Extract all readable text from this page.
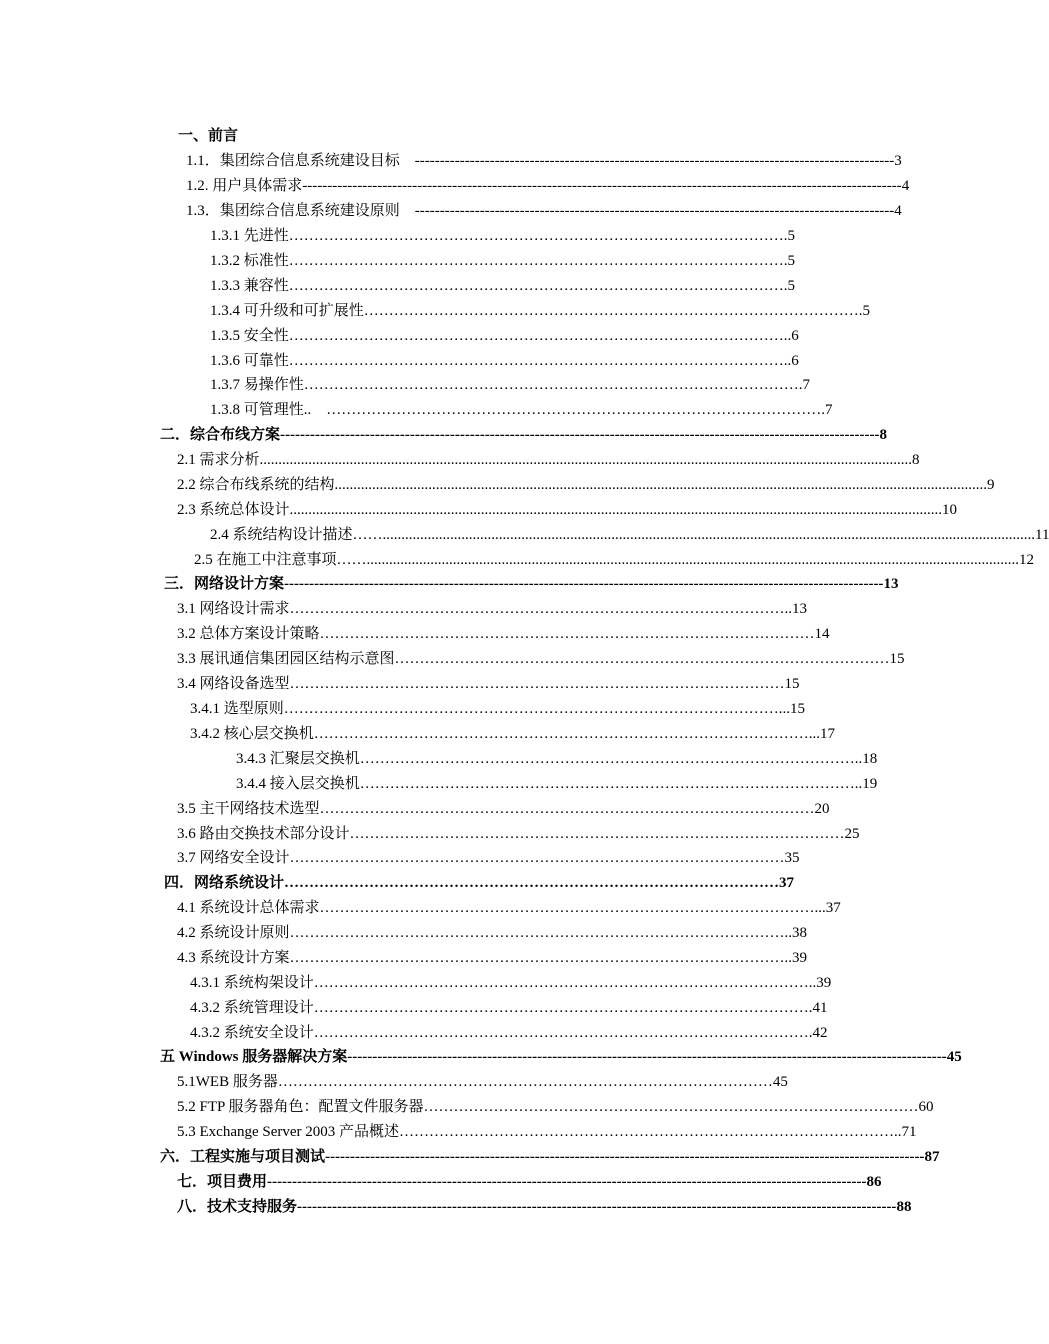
一、前言
1.1．集团综合信息系统建设目标　 ------------------------------------------------------------------------------------------------ 3
1.2. 用户具体需求 ------------------------------------------------------------------------------------------------------------------------ 4
1.3．集团综合信息系统建设原则　 ------------------------------------------------------------------------------------------------ 4
1.3.1 先进性 ……………………………………………………………………………………… .5
1.3.2 标准性 ……………………………………………………………………………………… .5
1.3.3 兼容性 ……………………………………………………………………………………… .5
1.3.4 可升级和可扩展性 ……………………………………………………………………………………… .5
1.3.5 安全性 ……………………………………………………………………………………… ..6
1.3.6 可靠性 ……………………………………………………………………………………… ..6
1.3.7 易操作性 ……………………………………………………………………………………… .7
1.3.8 可管理性.. 　……………………………………………………………………………………… .7
二．综合布线方案 ------------------------------------------------------------------------------------------------------------------------ 8
2.1 需求分析 .............................................................................................................................................................................. 8
2.2 综合布线系统的结构 .............................................................................................................................................................................. 9
2.3 系统总体设计 .............................................................................................................................................................................. 10
2.4 系统结构设计描述…… .............................................................................................................................................................................. 11
2.5 在施工中注意事项…… .............................................................................................................................................................................. 12
三．网络设计方案 ------------------------------------------------------------------------------------------------------------------------ 13
3.1 网络设计需求 ……………………………………………………………………………………… ..13
3.2 总体方案设计策略 ……………………………………………………………………………………… 14
3.3 展讯通信集团园区结构示意图 ……………………………………………………………………………………… 15
3.4 网络设备选型 ……………………………………………………………………………………… 15
3.4.1 选型原则 ……………………………………………………………………………………… ...15
3.4.2 核心层交换机 ……………………………………………………………………………………… ...17
3.4.3 汇聚层交换机 ……………………………………………………………………………………… ..18
3.4.4 接入层交换机 ……………………………………………………………………………………… ..19
3.5 主干网络技术选型 ……………………………………………………………………………………… 20
3.6 路由交换技术部分设计 ……………………………………………………………………………………… 25
3.7 网络安全设计 ……………………………………………………………………………………… 35
四．网络系统设计 ……………………………………………………………………………………… 37
4.1 系统设计总体需求 ……………………………………………………………………………………… ...37
4.2 系统设计原则 ……………………………………………………………………………………… ..38
4.3 系统设计方案 ……………………………………………………………………………………… ..39
4.3.1 系统构架设计 ……………………………………………………………………………………… ..39
4.3.2 系统管理设计 ……………………………………………………………………………………… .41
4.3.2 系统安全设计 ……………………………………………………………………………………… .42
五 Windows 服务器解决方案 ------------------------------------------------------------------------------------------------------------------------ 45
5.1WEB 服务器 ……………………………………………………………………………………… 45
5.2 FTP 服务器角色：配置文件服务器 ……………………………………………………………………………………… 60
5.3 Exchange Server 2003 产品概述 ……………………………………………………………………………………… ..71
六．工程实施与项目测试 ------------------------------------------------------------------------------------------------------------------------ 87
七．项目费用 ------------------------------------------------------------------------------------------------------------------------ 86
八．技术支持服务 ------------------------------------------------------------------------------------------------------------------------ 88
